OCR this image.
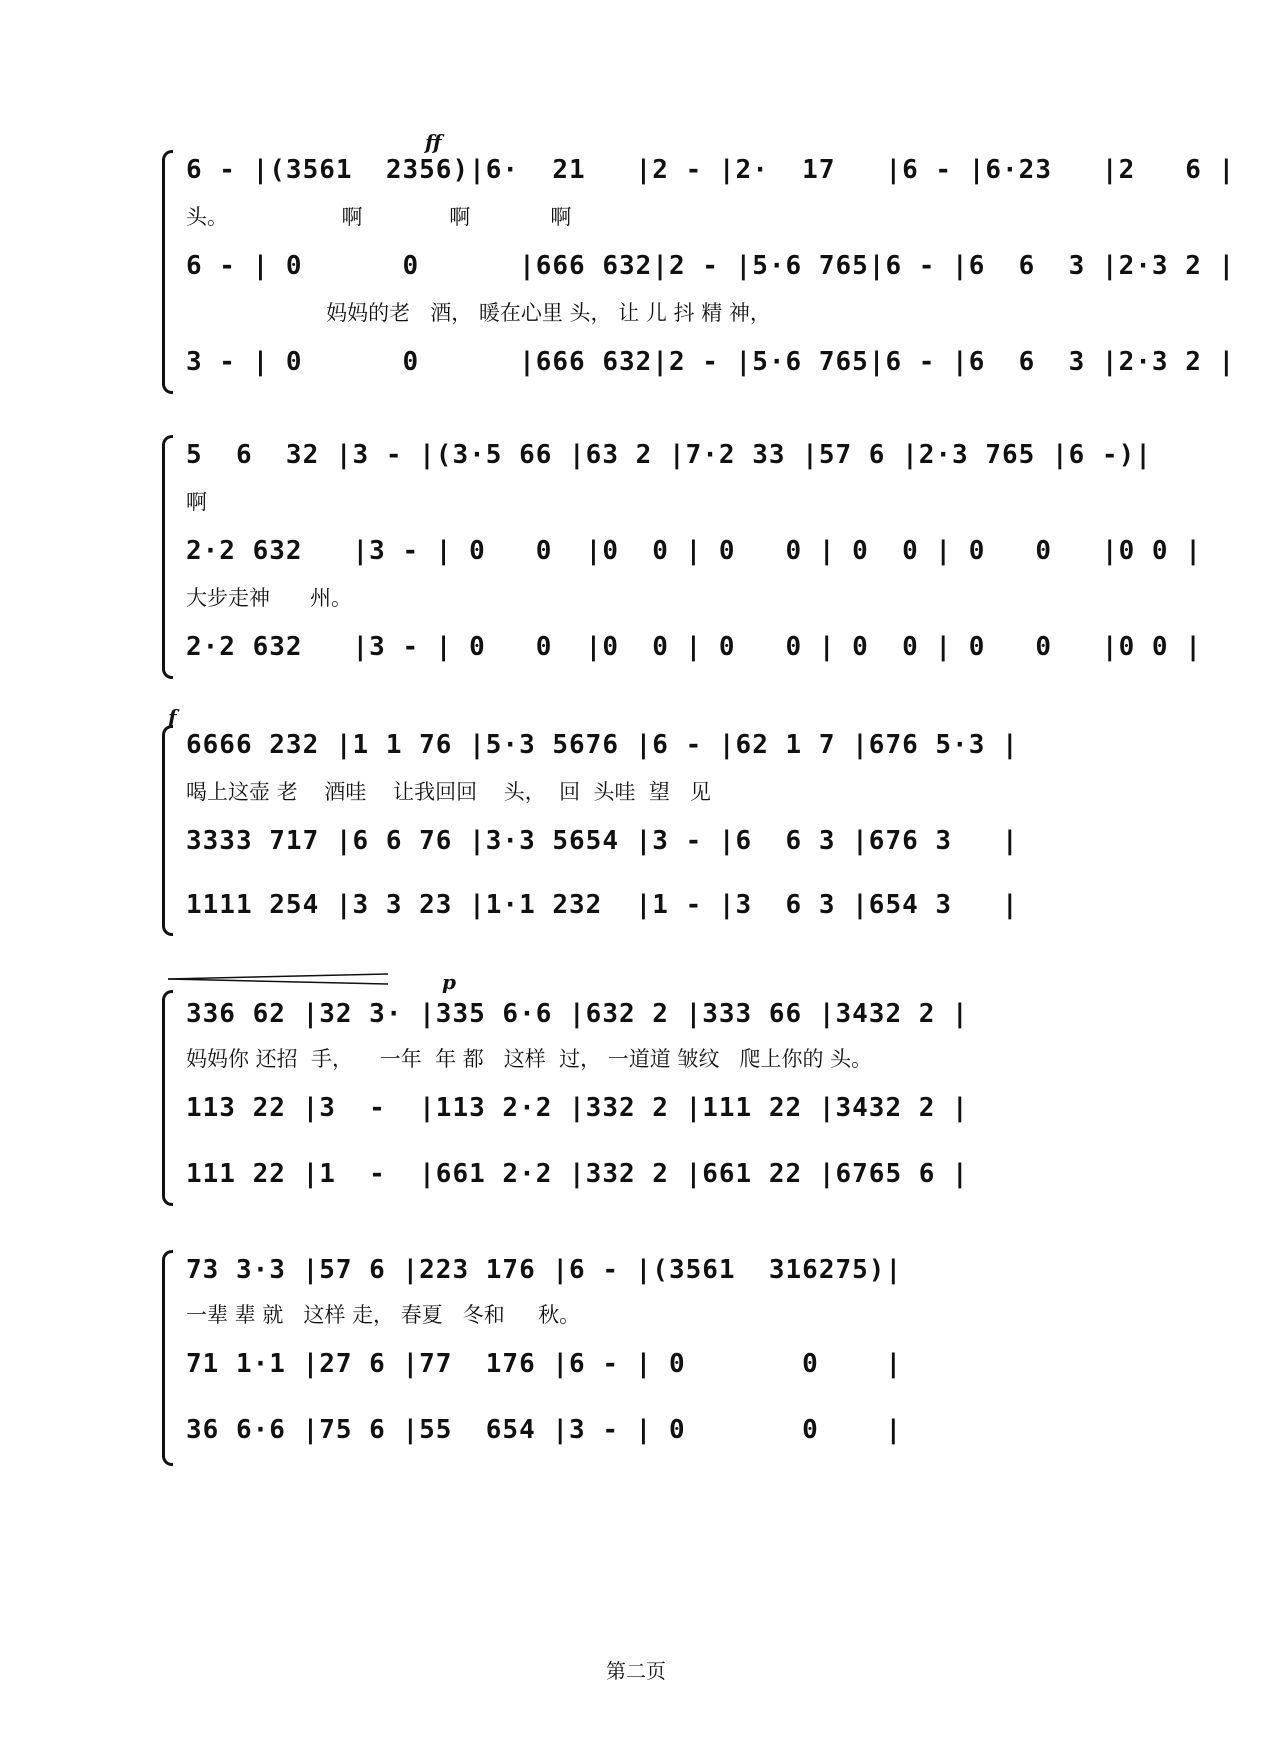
ff
6 - |(3561  2356)|6·  21   |2 - |2·  17   |6 - |6·23   |2   6 |
头。                 啊             啊            啊
6 - | 0      0      |666 632|2 - |5·6 765|6 - |6  6  3 |2·3 2 |
妈妈的老   酒， 暖在心里 头， 让 儿 抖 精 神，
3 - | 0      0      |666 632|2 - |5·6 765|6 - |6  6  3 |2·3 2 |
5  6  32 |3 - |(3·5 66 |63 2 |7·2 33 |57 6 |2·3 765 |6 -)|
啊
2·2 632   |3 - | 0   0  |0  0 | 0   0 | 0  0 | 0   0   |0 0 |
大步走神      州。
2·2 632   |3 - | 0   0  |0  0 | 0   0 | 0  0 | 0   0   |0 0 |
f
6666 232 |1 1 76 |5·3 5676 |6 - |62 1 7 |676 5·3 |
喝上这壶 老    酒哇    让我回回    头，  回  头哇  望   见
3333 717 |6 6 76 |3·3 5654 |3 - |6  6 3 |676 3   |
1111 254 |3 3 23 |1·1 232  |1 - |3  6 3 |654 3   |
p
336 62 |32 3· |335 6·6 |632 2 |333 66 |3432 2 |
妈妈你 还招  手，    一年  年 都   这样  过， 一道道 皱纹   爬上你的 头。
113 22 |3  -  |113 2·2 |332 2 |111 22 |3432 2 |
111 22 |1  -  |661 2·2 |332 2 |661 22 |6765 6 |
73 3·3 |57 6 |223 176 |6 - |(3561  316275)|
一辈 辈 就   这样 走， 春夏   冬和     秋。
71 1·1 |27 6 |77  176 |6 - | 0       0    |
36 6·6 |75 6 |55  654 |3 - | 0       0    |
第二页
